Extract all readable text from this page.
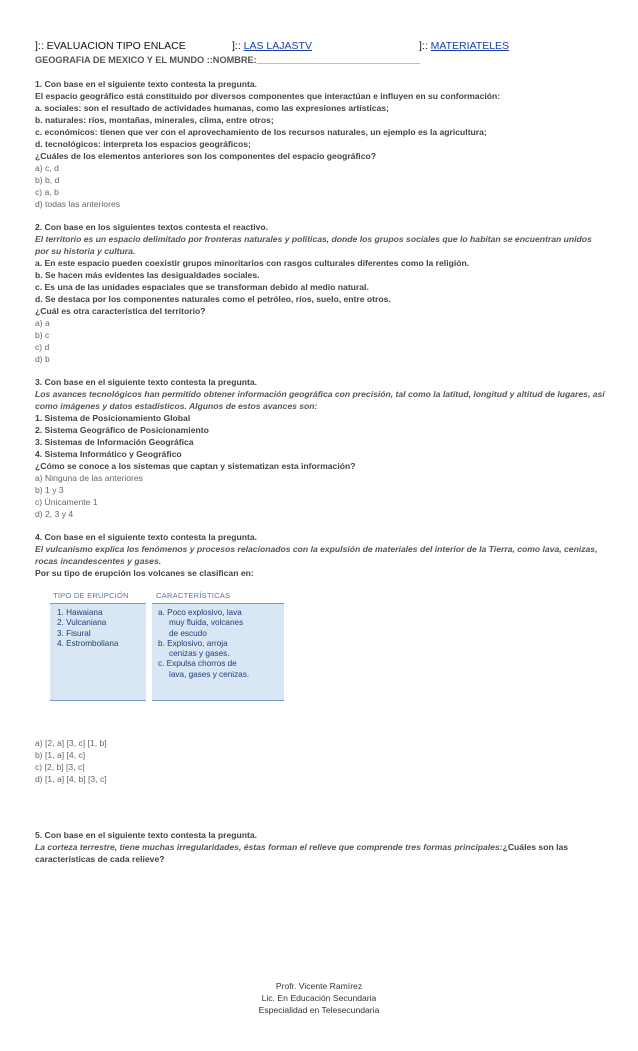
]:: EVALUACION TIPO ENLACE	]:: LAS LAJASTV	]:: MATERIATELES
GEOGRAFIA DE MEXICO Y EL MUNDO ::NOMBRE:________________________________
1. Con base en el siguiente texto contesta la pregunta.
El espacio geográfico está constituido por diversos componentes que interactúan e influyen en su conformación:
a. sociales: son el resultado de actividades humanas, como las expresiones artísticas;
b. naturales: ríos, montañas, minerales, clima, entre otros;
c. económicos: tienen que ver con el aprovechamiento de los recursos naturales, un ejemplo es la agricultura;
d. tecnológicos: interpreta los espacios geográficos;
¿Cuáles de los elementos anteriores son los componentes del espacio geográfico?
a) c, d
b) b, d
c) a, b
d) todas las anteriores
2. Con base en los siguientes textos contesta el reactivo.
El territorio es un espacio delimitado por fronteras naturales y políticas, donde los grupos sociales que lo habitan se encuentran unidos por su historia y cultura.
a. En este espacio pueden coexistir grupos minoritarios con rasgos culturales diferentes como la religión.
b. Se hacen más evidentes las desigualdades sociales.
c. Es una de las unidades espaciales que se transforman debido al medio natural.
d. Se destaca por los componentes naturales como el petróleo, ríos, suelo, entre otros.
¿Cuál es otra característica del territorio?
a) a
b) c
c) d
d) b
3. Con base en el siguiente texto contesta la pregunta.
Los avances tecnológicos han permitido obtener información geográfica con precisión, tal como la latitud, longitud y altitud de lugares, así como imágenes y datos estadísticos. Algunos de estos avances son:
1. Sistema de Posicionamiento Global
2. Sistema Geográfico de Posicionamiento
3. Sistemas de Información Geográfica
4. Sistema Informático y Geográfico
¿Cómo se conoce a los sistemas que captan y sistematizan esta información?
a) Ninguna de las anteriores
b) 1 y 3
c) Únicamente 1
d) 2, 3 y 4
4. Con base en el siguiente texto contesta la pregunta.
El vulcanismo explica los fenómenos y procesos relacionados con la expulsión de materiales del interior de la Tierra, como lava, cenizas, rocas incandescentes y gases.
Por su tipo de erupción los volcanes se clasifican en:
TIPO DE ERUPCIÓN	CARACTERÍSTICAS
1. Hawaiana
2. Vulcaniana
3. Fisural
4. Estromboliana
a. Poco explosivo, lava
muy fluida, volcanes
de escudo
b. Explosivo, arroja
cenizas y gases.
c. Expulsa chorros de
lava, gases y cenizas.
a) [2, a] [3, c] [1, b]
b) [1, a] [4, c]
c) [2, b] [3, c]
d) [1, a] [4, b] [3, c]
5. Con base en el siguiente texto contesta la pregunta.
La corteza terrestre, tiene muchas irregularidades, éstas forman el relieve que comprende tres formas principales:¿Cuáles son las características de cada relieve?
Profr. Vicente Ramírez
Lic. En Educación Secundaria
Especialidad en Telesecundaria
